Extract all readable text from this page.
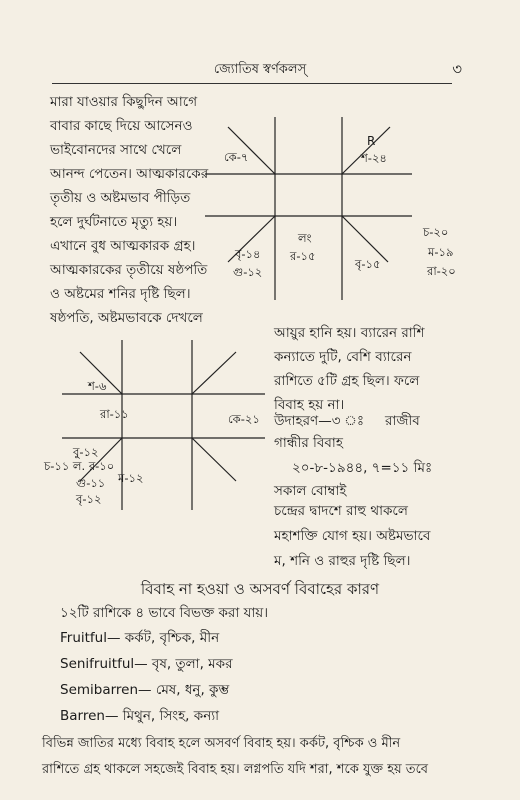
জ্যোতিষ স্বর্ণকলস্	৩
মারা যাওয়ার কিছুদিন আগে
বাবার কাছে দিয়ে আসেনও
ভাইবোনদের সাথে খেলে
আনন্দ পেতেন। আত্মকারকের
তৃতীয় ও অষ্টমভাব পীড়িত
হলে দুর্ঘটনাতে মৃত্যু হয়।
এখানে বুধ আত্মকারক গ্রহ।
আত্মকারকের তৃতীয়ে ষষ্ঠপতি
ও অষ্টমের শনির দৃষ্টি ছিল।
ষষ্ঠপতি, অষ্টমভাবকে দেখলে
R
কে-৭	শ-২৪
লং
র-১৫
বৃ-১৪
গু-১২
বৃ-১৫
চ-২০
ম-১৯
রা-২০
শ-৬
রা-১১	কে-২১
বু-১২
চ-১১ ল. র-১০
গু-১১ ম-১২
বৃ-১২
আয়ুর হানি হয়। ব্যারেন রাশি
কন্যাতে দুটি, বেশি ব্যারেন
রাশিতে ৫টি গ্রহ ছিল। ফলে
বিবাহ হয় না।
উদাহরণ—৩ ঃ রাজীব
গান্ধীর বিবাহ
২০-৮-১৯৪৪, ৭=১১ মিঃ
সকাল বোম্বাই
চন্দ্রের দ্বাদশে রাহু থাকলে
মহাশক্তি যোগ হয়। অষ্টমভাবে
ম, শনি ও রাহুর দৃষ্টি ছিল।
বিবাহ না হওয়া ও অসবর্ণ বিবাহের কারণ
১২টি রাশিকে ৪ ভাবে বিভক্ত করা যায়।
Fruitful— কর্কট, বৃশ্চিক, মীন
Senifruitful— বৃষ, তুলা, মকর
Semibarren— মেষ, ধনু, কুম্ভ
Barren— মিথুন, সিংহ, কন্যা
বিভিন্ন জাতির মধ্যে বিবাহ হলে অসবর্ণ বিবাহ হয়। কর্কট, বৃশ্চিক ও মীন
রাশিতে গ্রহ থাকলে সহজেই বিবাহ হয়। লগ্নপতি যদি শরা, শকে যুক্ত হয় তবে
